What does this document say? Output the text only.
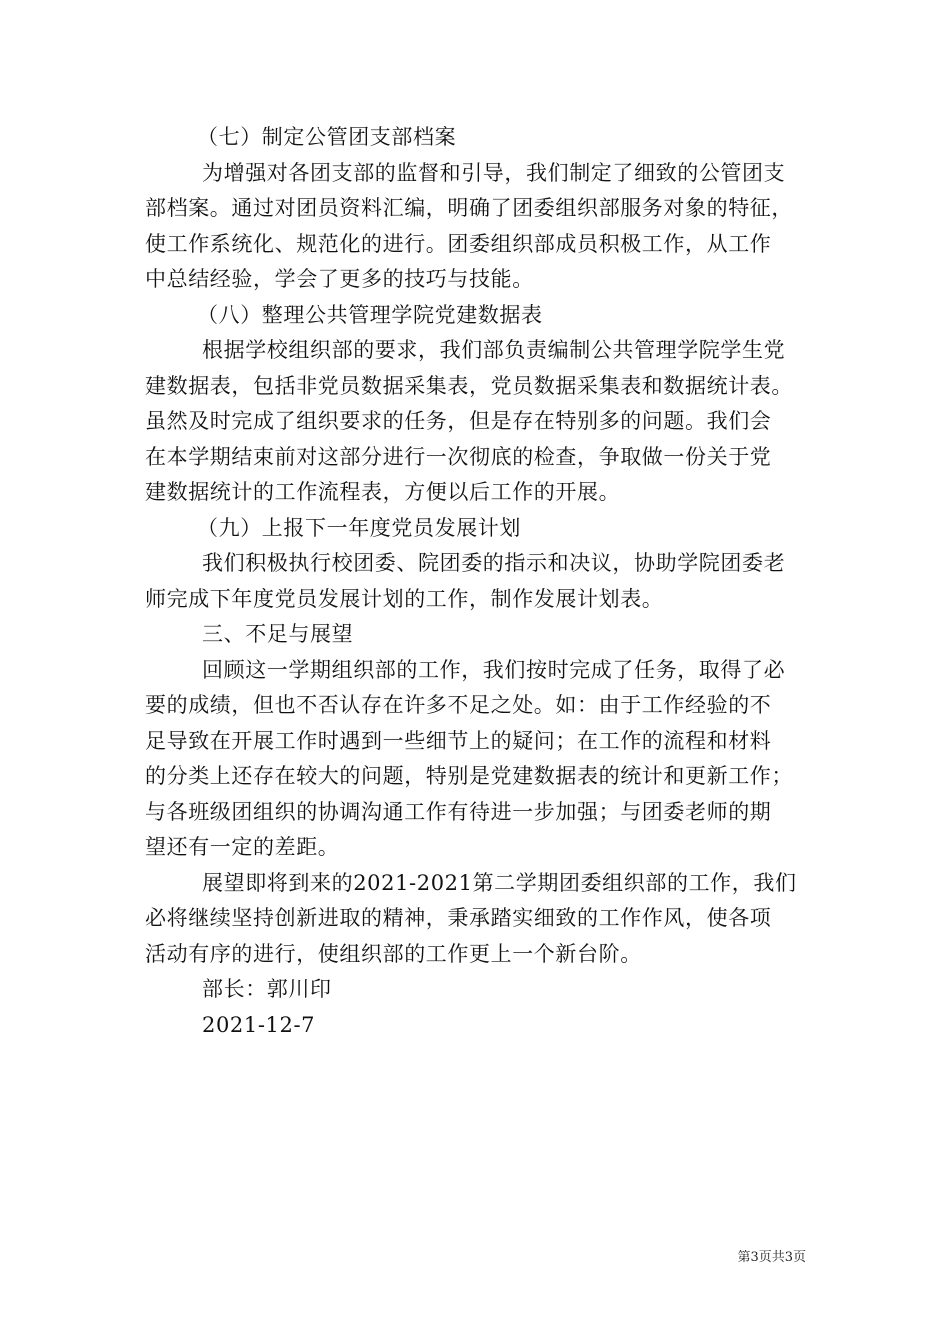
（七）制定公管团支部档案
为增强对各团支部的监督和引导，我们制定了细致的公管团支
部档案。通过对团员资料汇编，明确了团委组织部服务对象的特征，
使工作系统化、规范化的进行。团委组织部成员积极工作，从工作
中总结经验，学会了更多的技巧与技能。
（八）整理公共管理学院党建数据表
根据学校组织部的要求，我们部负责编制公共管理学院学生党
建数据表，包括非党员数据采集表，党员数据采集表和数据统计表。
虽然及时完成了组织要求的任务，但是存在特别多的问题。我们会
在本学期结束前对这部分进行一次彻底的检查，争取做一份关于党
建数据统计的工作流程表，方便以后工作的开展。
（九）上报下一年度党员发展计划
我们积极执行校团委、院团委的指示和决议，协助学院团委老
师完成下年度党员发展计划的工作，制作发展计划表。
三、不足与展望
回顾这一学期组织部的工作，我们按时完成了任务，取得了必
要的成绩，但也不否认存在许多不足之处。如：由于工作经验的不
足导致在开展工作时遇到一些细节上的疑问；在工作的流程和材料
的分类上还存在较大的问题，特别是党建数据表的统计和更新工作；
与各班级团组织的协调沟通工作有待进一步加强；与团委老师的期
望还有一定的差距。
展望即将到来的2021-2021第二学期团委组织部的工作，我们
必将继续坚持创新进取的精神，秉承踏实细致的工作作风，使各项
活动有序的进行，使组织部的工作更上一个新台阶。
部长：郭川印
2021-12-7
第3页共3页
